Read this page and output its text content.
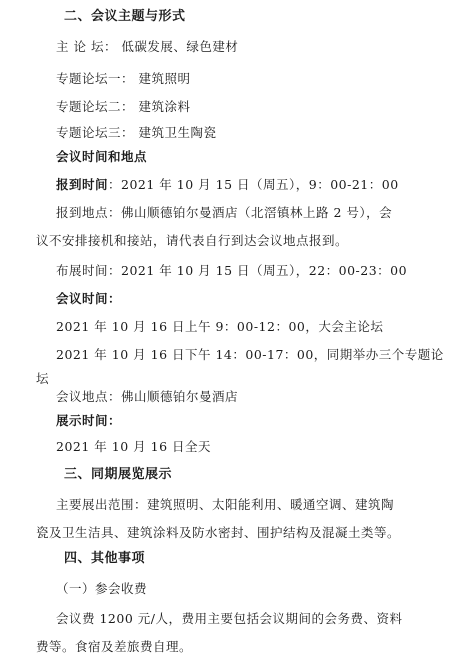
二、会议主题与形式
主 论 坛： 低碳发展、绿色建材
专题论坛一： 建筑照明
专题论坛二： 建筑涂料
专题论坛三： 建筑卫生陶瓷
会议时间和地点
报到时间：2021 年 10 月 15 日（周五），9：00-21：00
报到地点：佛山顺德铂尔曼酒店（北滘镇林上路 2 号），会
议不安排接机和接站，请代表自行到达会议地点报到。
布展时间：2021 年 10 月 15 日（周五），22：00-23：00
会议时间：
2021 年 10 月 16 日上午 9：00-12：00，大会主论坛
2021 年 10 月 16 日下午 14：00-17：00，同期举办三个专题论
坛
会议地点：佛山顺德铂尔曼酒店
展示时间：
2021 年 10 月 16 日全天
三、同期展览展示
主要展出范围：建筑照明、太阳能利用、暖通空调、建筑陶
瓷及卫生洁具、建筑涂料及防水密封、围护结构及混凝土类等。
四、其他事项
（一）参会收费
会议费 1200 元/人，费用主要包括会议期间的会务费、资料
费等。食宿及差旅费自理。
